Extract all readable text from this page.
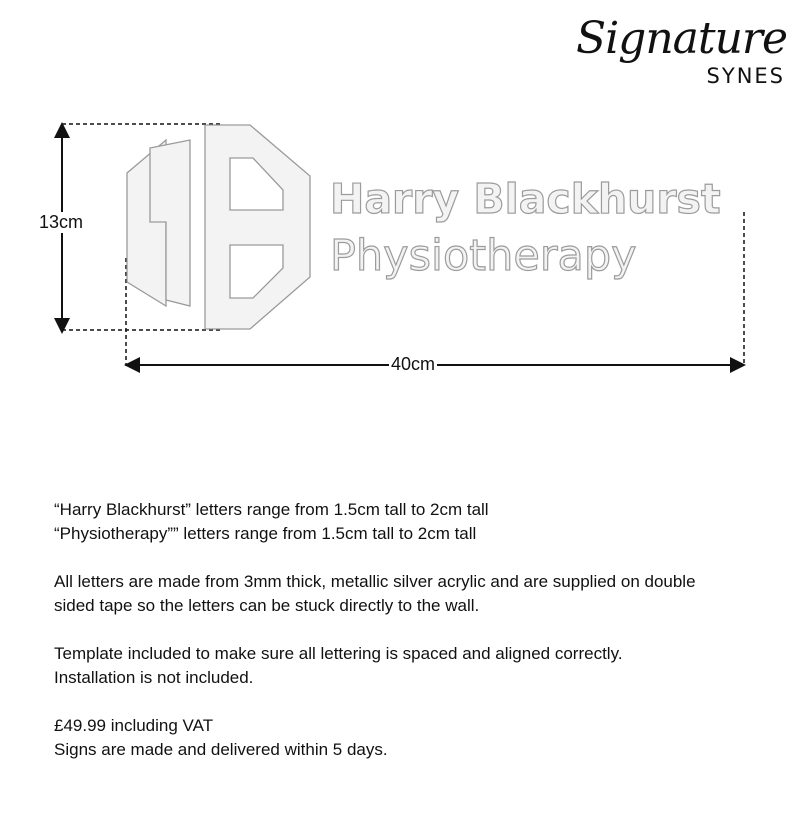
Signature
SYNES
Harry Blackhurst
Physiotherapy
13cm
40cm

“Harry Blackhurst” letters range from 1.5cm tall to 2cm tall

“Physiotherapy”” letters range from 1.5cm tall to 2cm tall

All letters are made from 3mm thick, metallic silver acrylic and are supplied on double

sided tape so the letters can be stuck directly to the wall.

Template included to make sure all lettering is spaced and aligned correctly.

Installation is not included.

£49.99 including VAT

Signs are made and delivered within 5 days.
